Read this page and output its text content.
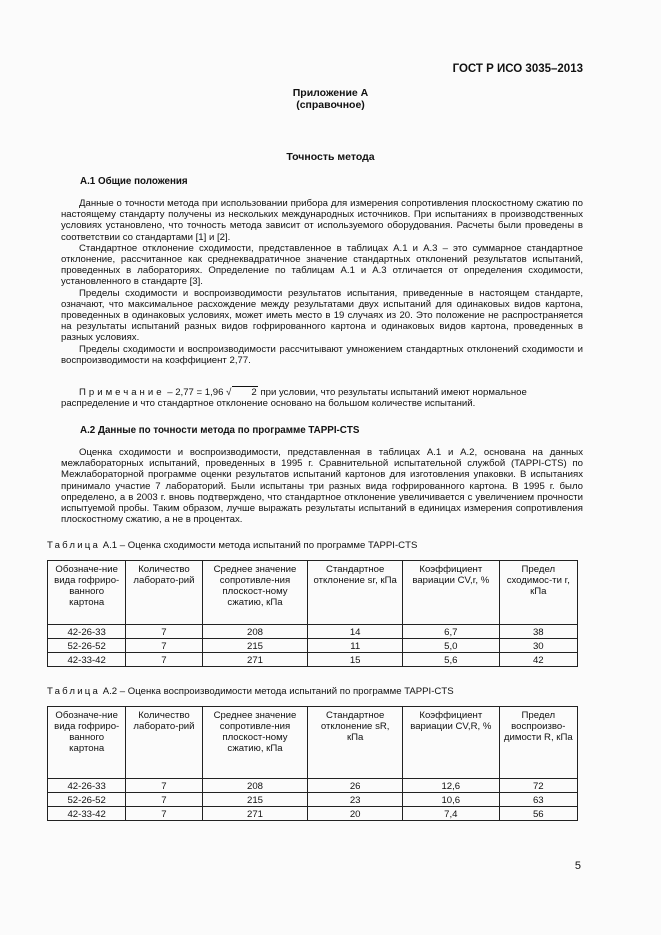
ГОСТ Р ИСО 3035–2013
Приложение А
(справочное)
Точность метода
А.1 Общие положения

Данные о точности метода при использовании прибора для измерения сопротивления плоскостному сжатию по настоящему стандарту получены из нескольких международных источников. При испытаниях в производственных условиях установлено, что точность метода зависит от используемого оборудования. Расчеты были проведены в соответствии со стандартами [1] и [2].

Стандартное отклонение сходимости, представленное в таблицах А.1 и А.3 – это суммарное стандартное отклонение, рассчитанное как среднеквадратичное значение стандартных отклонений результатов испытаний, проведенных в лабораториях. Определение по таблицам А.1 и А.3 отличается от определения сходимости, установленного в стандарте [3].

Пределы сходимости и воспроизводимости результатов испытания, приведенные в настоящем стандарте, означают, что максимальное расхождение между результатами двух испытаний для одинаковых видов картона, проведенных в одинаковых условиях, может иметь место в 19 случаях из 20. Это положение не распространяется на результаты испытаний разных видов гофрированного картона и одинаковых видов картона, проведенных в разных условиях.

Пределы сходимости и воспроизводимости рассчитывают умножением стандартных отклонений сходимости и воспроизводимости на коэффициент 2,77.

Примечание – 2,77 = 1,96 √ 2 при условии, что результаты испытаний имеют нормальное

распределение и что стандартное отклонение основано на большом количестве испытаний.

А.2 Данные по точности метода по программе TAPPI-CTS

Оценка сходимости и воспроизводимости, представленная в таблицах А.1 и А.2, основана на данных межлабораторных испытаний, проведенных в 1995 г. Сравнительной испытательной службой (TAPPI-CTS) по Межлабораторной программе оценки результатов испытаний картонов для изготовления упаковки. В испытаниях принимало участие 7 лабораторий. Были испытаны три разных вида гофрированного картона. В 1995 г. было определено, а в 2003 г. вновь подтверждено, что стандартное отклонение увеличивается с увеличением прочности испытуемой пробы. Таким образом, лучше выражать результаты испытаний в единицах измерения сопротивления плоскостному сжатию, а не в процентах.

Таблица А.1 – Оценка сходимости метода испытаний по программе TAPPI-CTS
Обозначе-ние вида гофриро-ванного картона	Количество лаборато-рий	Среднее значение сопротивле-ния плоскост-ному сжатию, кПа	Стандартное отклонение sr, кПа	Коэффициент вариации CV,r, %	Предел сходимос-ти r, кПа
42-26-33	7	208	14	6,7	38
52-26-52	7	215	11	5,0	30
42-33-42	7	271	15	5,6	42
Таблица А.2 – Оценка воспроизводимости метода испытаний по программе TAPPI-CTS
Обозначе-ние вида гофриро-ванного картона	Количество лаборато-рий	Среднее значение сопротивле-ния плоскост-ному сжатию, кПа	Стандартное отклонение sR, кПа	Коэффициент вариации CV,R, %	Предел воспроизво-димости R, кПа
42-26-33	7	208	26	12,6	72
52-26-52	7	215	23	10,6	63
42-33-42	7	271	20	7,4	56
5
